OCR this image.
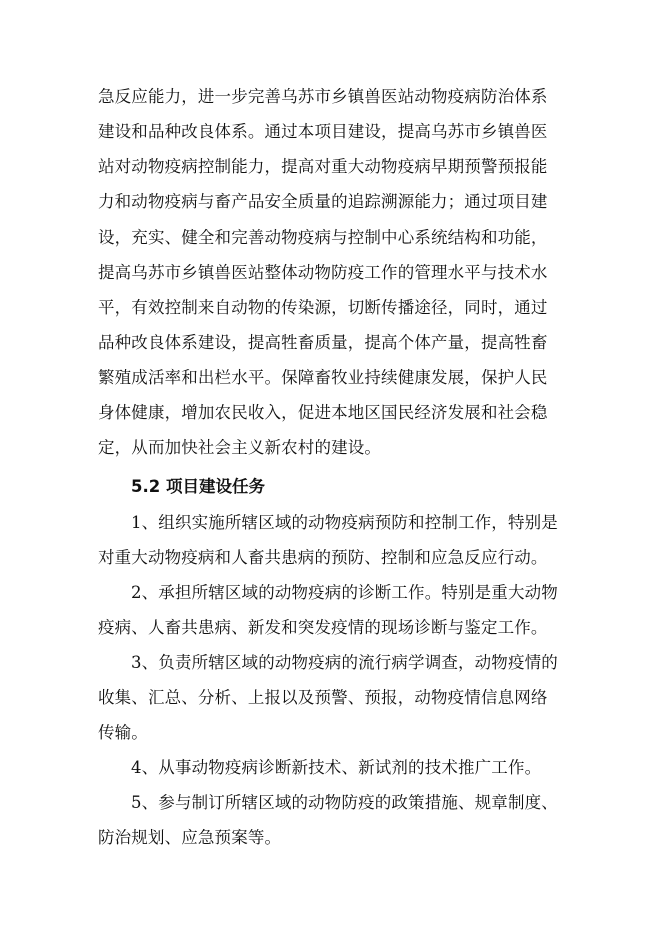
急反应能力，进一步完善乌苏市乡镇兽医站动物疫病防治体系
建设和品种改良体系。通过本项目建设，提高乌苏市乡镇兽医
站对动物疫病控制能力，提高对重大动物疫病早期预警预报能
力和动物疫病与畜产品安全质量的追踪溯源能力；通过项目建
设，充实、健全和完善动物疫病与控制中心系统结构和功能，
提高乌苏市乡镇兽医站整体动物防疫工作的管理水平与技术水
平，有效控制来自动物的传染源，切断传播途径，同时，通过
品种改良体系建设，提高牲畜质量，提高个体产量，提高牲畜
繁殖成活率和出栏水平。保障畜牧业持续健康发展，保护人民
身体健康，增加农民收入，促进本地区国民经济发展和社会稳
定，从而加快社会主义新农村的建设。
5.2 项目建设任务
1、组织实施所辖区域的动物疫病预防和控制工作，特别是
对重大动物疫病和人畜共患病的预防、控制和应急反应行动。
2、承担所辖区域的动物疫病的诊断工作。特别是重大动物
疫病、人畜共患病、新发和突发疫情的现场诊断与鉴定工作。
3、负责所辖区域的动物疫病的流行病学调查，动物疫情的
收集、汇总、分析、上报以及预警、预报，动物疫情信息网络
传输。
4、从事动物疫病诊断新技术、新试剂的技术推广工作。
5、参与制订所辖区域的动物防疫的政策措施、规章制度、
防治规划、应急预案等。
